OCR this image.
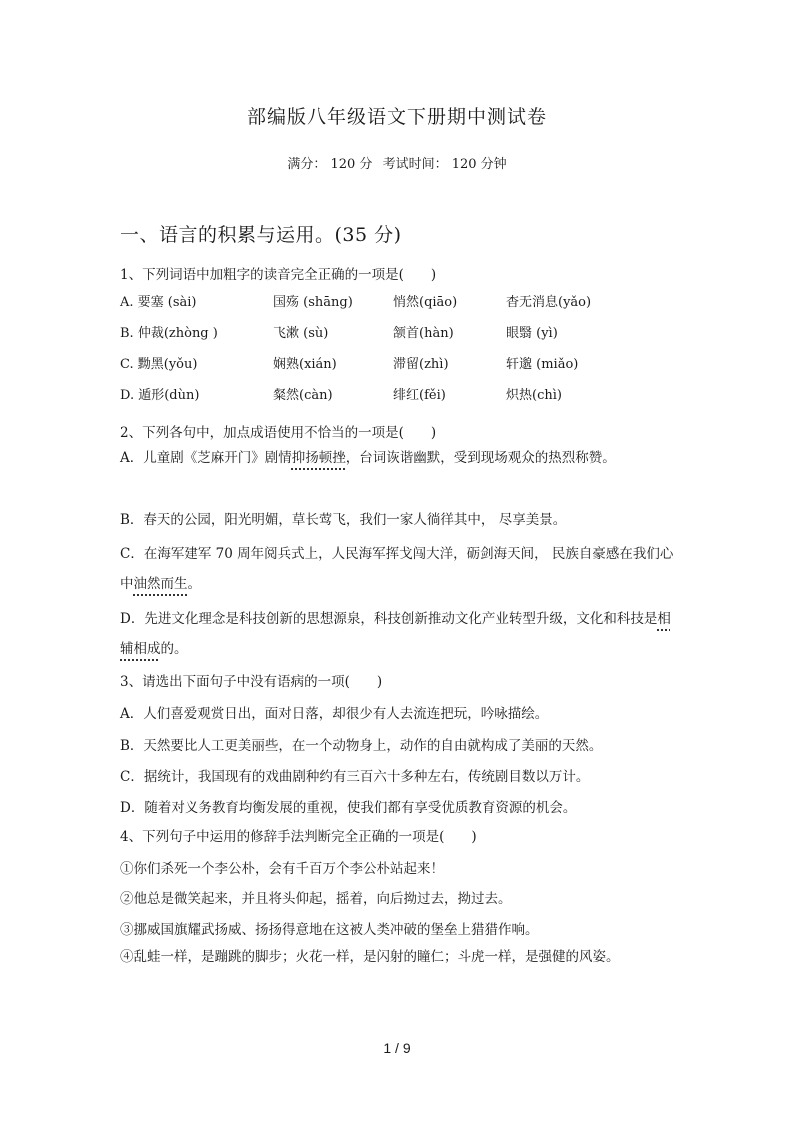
部编版八年级语文下册期中测试卷
满分： 120 分 考试时间： 120 分钟
一、语言的积累与运用。(35 分)
1、下列词语中加粗字的读音完全正确的一项是(　　)
A. 要塞 (sài)	国殇 (shāng)	悄然(qiāo)	杳无消息(yǎo)
B. 仲裁(zhòng )	飞漱 (sù)	颔首(hàn)	眼翳 (yì)
C. 黝黑(yǒu)	娴熟(xián)	滞留(zhì)	轩邈 (miǎo)
D. 遁形(dùn)	粲然(càn)	绯红(fěi)	炽热(chì)
2、下列各句中，加点成语使用不恰当的一项是(　　)
A．儿童剧《芝麻开门》剧情抑扬顿挫，台词诙谐幽默，受到现场观众的热烈称赞。
B．春天的公园，阳光明媚，草长莺飞，我们一家人徜徉其中， 尽享美景。
C．在海军建军 70 周年阅兵式上，人民海军挥戈闯大洋，砺剑海天间， 民族自豪感在我们心中油然而生。
D．先进文化理念是科技创新的思想源泉，科技创新推动文化产业转型升级，文化和科技是相辅相成的。
3、请选出下面句子中没有语病的一项(　　)
A．人们喜爱观赏日出，面对日落，却很少有人去流连把玩，吟咏描绘。
B．天然要比人工更美丽些，在一个动物身上，动作的自由就构成了美丽的天然。
C．据统计，我国现有的戏曲剧种约有三百六十多种左右，传统剧目数以万计。
D．随着对义务教育均衡发展的重视，使我们都有享受优质教育资源的机会。
4、下列句子中运用的修辞手法判断完全正确的一项是(　　)
①你们杀死一个李公朴，会有千百万个李公朴站起来！
②他总是微笑起来，并且将头仰起，摇着，向后拗过去，拗过去。
③挪威国旗耀武扬威、扬扬得意地在这被人类冲破的堡垒上猎猎作响。
④乱蛙一样，是蹦跳的脚步；火花一样，是闪射的瞳仁；斗虎一样，是强健的风姿。
1 / 9
